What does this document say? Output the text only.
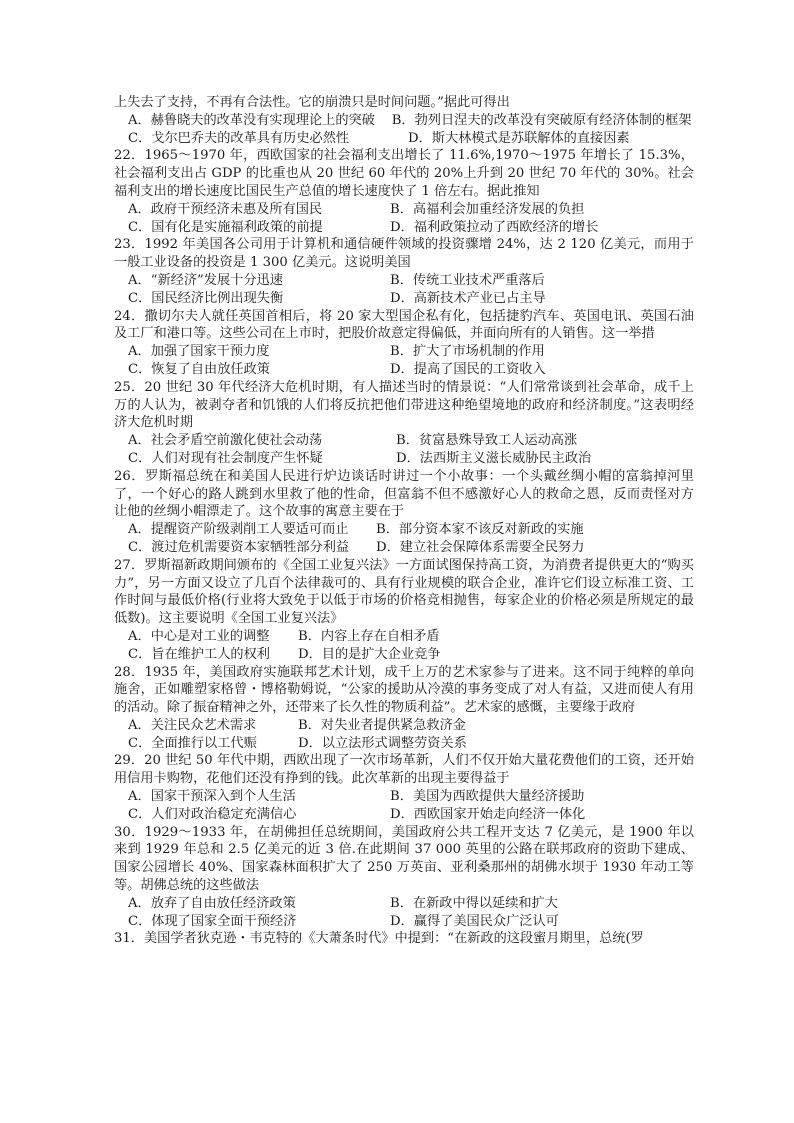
上失去了支持，不再有合法性。它的崩溃只是时间问题。”据此可得出

A．赫鲁晓夫的改革没有实现理论上的突破 B．勃列日涅夫的改革没有突破原有经济体制的框架
C．戈尔巴乔夫的改革具有历史必然性	D．斯大林模式是苏联解体的直接因素

22．1965～1970 年，西欧国家的社会福利支出增长了 11.6%,1970～1975 年增长了 15.3%，社会福利支出占 GDP 的比重也从 20 世纪 60 年代的 20%上升到 20 世纪 70 年代的 30%。社会福利支出的增长速度比国民生产总值的增长速度快了 1 倍左右。据此推知

A．政府干预经济未惠及所有国民	B．高福利会加重经济发展的负担
C．国有化是实施福利政策的前提	D．福利政策拉动了西欧经济的增长

23．1992 年美国各公司用于计算机和通信硬件领域的投资骤增 24%，达 2 120 亿美元，而用于一般工业设备的投资是 1 300 亿美元。这说明美国

A．“新经济”发展十分迅速	B．传统工业技术严重落后
C．国民经济比例出现失衡	D．高新技术产业已占主导

24．撒切尔夫人就任英国首相后，将 20 家大型国企私有化，包括捷豹汽车、英国电讯、英国石油及工厂和港口等。这些公司在上市时，把股价故意定得偏低，并面向所有的人销售。这一举措

A．加强了国家干预力度	B．扩大了市场机制的作用
C．恢复了自由放任政策	D．提高了国民的工资收入

25．20 世纪 30 年代经济大危机时期，有人描述当时的情景说：“人们常常谈到社会革命，成千上万的人认为，被剥夺者和饥饿的人们将反抗把他们带进这种绝望境地的政府和经济制度。”这表明经济大危机时期

A．社会矛盾空前激化使社会动荡	B．贫富悬殊导致工人运动高涨
C．人们对现有社会制度产生怀疑	D．法西斯主义滋长威胁民主政治

26．罗斯福总统在和美国人民进行炉边谈话时讲过一个小故事：一个头戴丝绸小帽的富翁掉河里了，一个好心的路人跳到水里救了他的性命，但富翁不但不感激好心人的救命之恩，反而责怪对方让他的丝绸小帽漂走了。这个故事的寓意主要在于

A．提醒资产阶级剥削工人要适可而止	B．部分资本家不该反对新政的实施
C．渡过危机需要资本家牺牲部分利益	D．建立社会保障体系需要全民努力

27．罗斯福新政期间颁布的《全国工业复兴法》一方面试图保持高工资，为消费者提供更大的“购买力”，另一方面又设立了几百个法律裁可的、具有行业规模的联合企业，准许它们设立标准工资、工作时间与最低价格(行业将大致免于以低于市场的价格竞相抛售，每家企业的价格必须是所规定的最低数)。这主要说明《全国工业复兴法》

A．中心是对工业的调整	B．内容上存在自相矛盾
C．旨在维护工人的权利	D．目的是扩大企业竞争

28．1935 年，美国政府实施联邦艺术计划，成千上万的艺术家参与了进来。这不同于纯粹的单向施舍，正如雕塑家格曾・博格勒姆说，“公家的援助从冷漠的事务变成了对人有益，又进而使人有用的活动。除了振奋精神之外，还带来了长久性的物质利益”。艺术家的感慨，主要缘于政府

A．关注民众艺术需求	B．对失业者提供紧急救济金
C．全面推行以工代赈	D．以立法形式调整劳资关系

29．20 世纪 50 年代中期，西欧出现了一次市场革新，人们不仅开始大量花费他们的工资，还开始用信用卡购物，花他们还没有挣到的钱。此次革新的出现主要得益于

A．国家干预深入到个人生活	B．美国为西欧提供大量经济援助
C．人们对政治稳定充满信心	D．西欧国家开始走向经济一体化

30．1929～1933 年，在胡佛担任总统期间，美国政府公共工程开支达 7 亿美元，是 1900 年以来到 1929 年总和 2.5 亿美元的近 3 倍.在此期间 37 000 英里的公路在联邦政府的资助下建成、国家公园增长 40%、国家森林面积扩大了 250 万英亩、亚利桑那州的胡佛水坝于 1930 年动工等等。胡佛总统的这些做法

A．放弃了自由放任经济政策	B．在新政中得以延续和扩大
C．体现了国家全面干预经济	D．赢得了美国民众广泛认可

31．美国学者狄克逊・韦克特的《大萧条时代》中提到：“在新政的这段蜜月期里，总统(罗
